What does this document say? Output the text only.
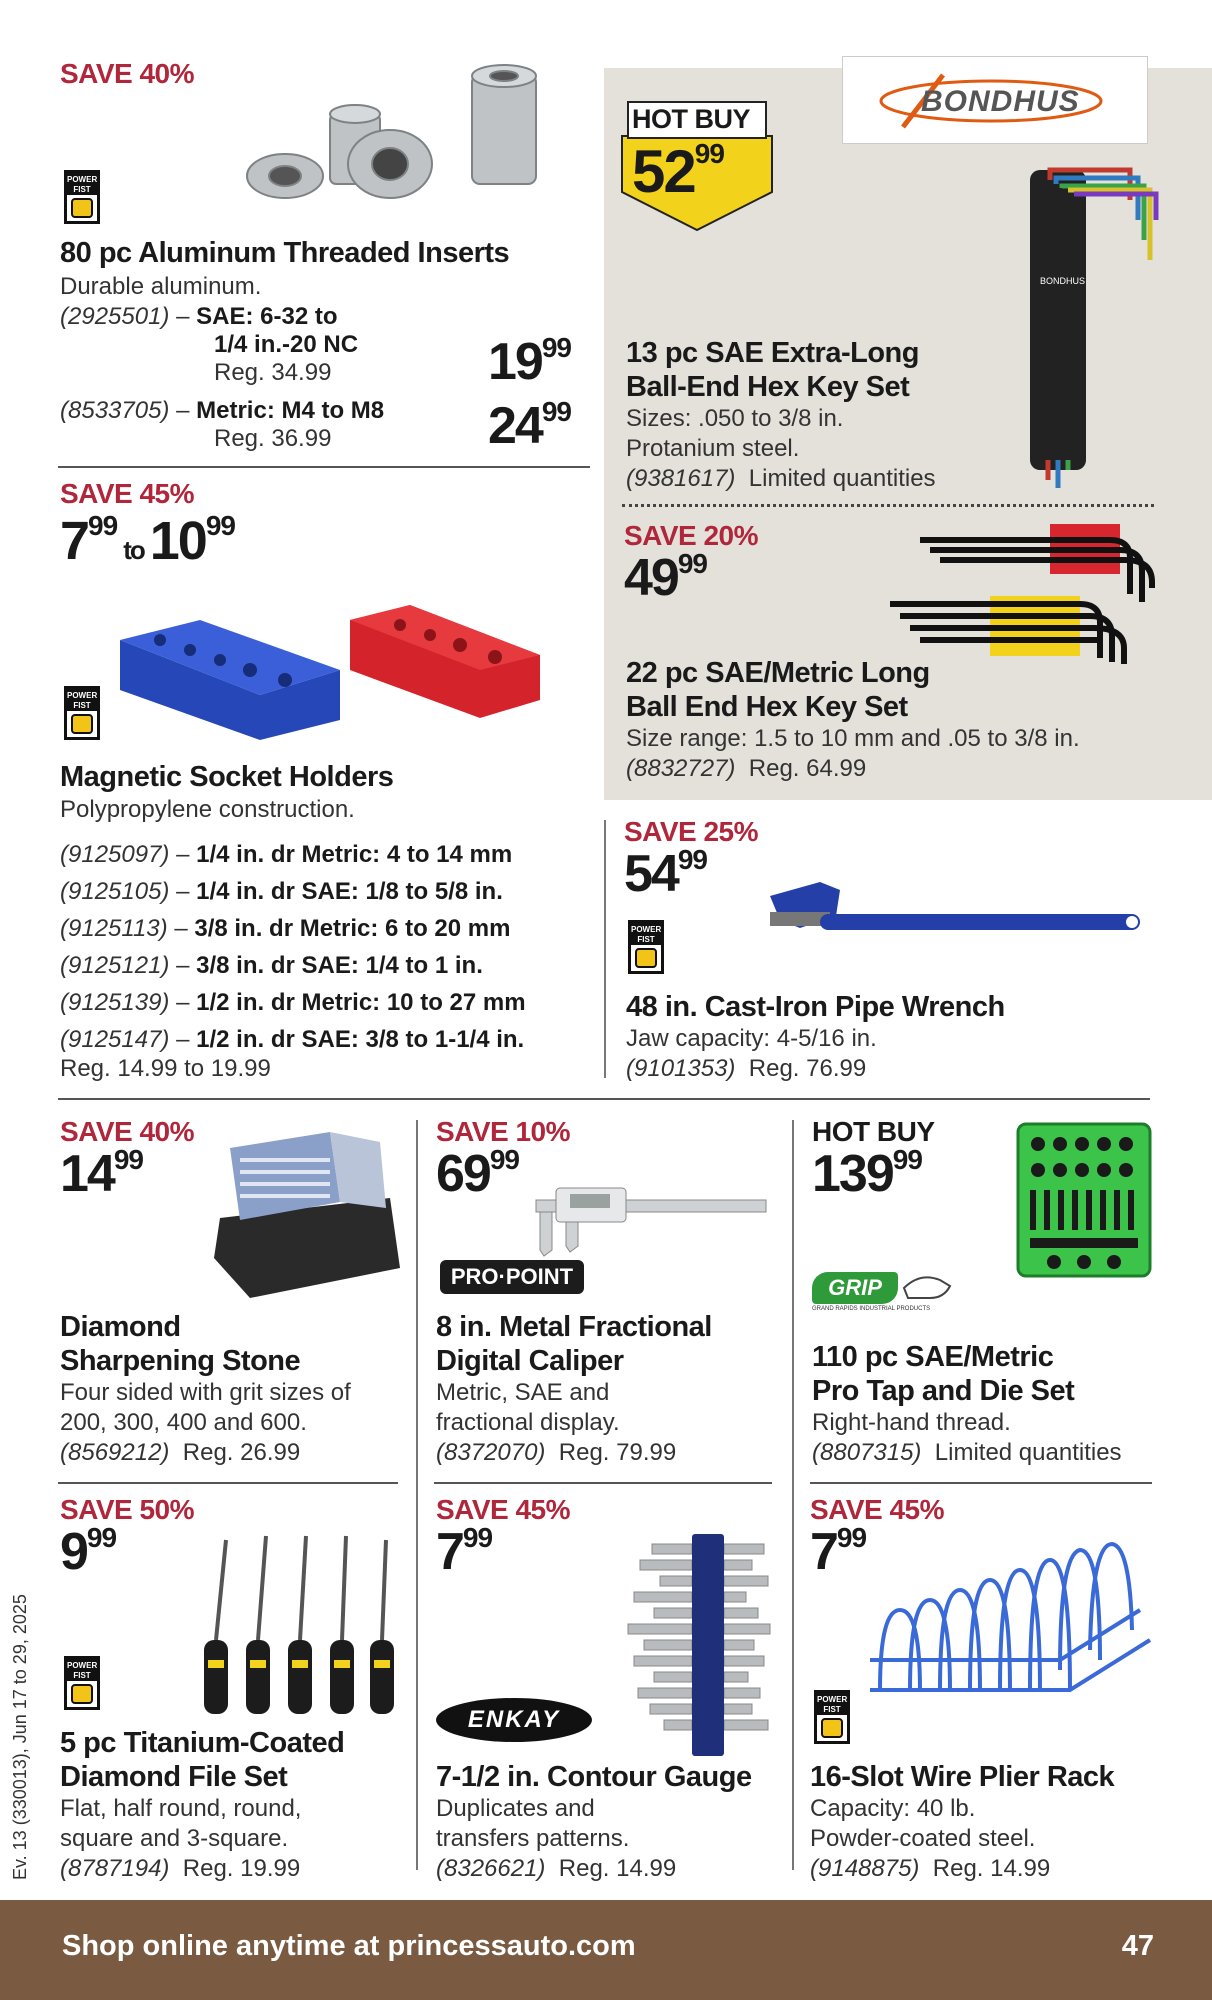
SAVE 40%
POWER FIST
80 pc Aluminum Threaded Inserts
Durable aluminum.
(2925501) – SAE: 6-32 to
1/4 in.-20 NC
Reg. 34.99	$19^{99}$
(8533705) – Metric: M4 to M8
Reg. 36.99	$24^{99}$
HOT BUY
$52^{99}$
BONDHUS
BONDHUS
13 pc SAE Extra-Long
Ball-End Hex Key Set
Sizes: .050 to 3/8 in.
Protanium steel.
(9381617) Limited quantities
SAVE 45%
$7^{99}to$ $10^{99}$
POWER FIST
Magnetic Socket Holders
Polypropylene construction.
(9125097) – 1/4 in. dr Metric: 4 to 14 mm
(9125105) – 1/4 in. dr SAE: 1/8 to 5/8 in.
(9125113) – 3/8 in. dr Metric: 6 to 20 mm
(9125121) – 3/8 in. dr SAE: 1/4 to 1 in.
(9125139) – 1/2 in. dr Metric: 10 to 27 mm
(9125147) – 1/2 in. dr SAE: 3/8 to 1-1/4 in.
Reg. 14.99 to 19.99
SAVE 20%
$49^{99}$
22 pc SAE/Metric Long
Ball End Hex Key Set
Size range: 1.5 to 10 mm and .05 to 3/8 in.
(8832727) Reg. 64.99
SAVE 25%
$54^{99}$
POWER FIST
48 in. Cast-Iron Pipe Wrench
Jaw capacity: 4-5/16 in.
(9101353) Reg. 76.99
SAVE 40%
$14^{99}$
Diamond
Sharpening Stone
Four sided with grit sizes of
200, 300, 400 and 600.
(8569212) Reg. 26.99
SAVE 10%
$69^{99}$
PRO·POINT
8 in. Metal Fractional
Digital Caliper
Metric, SAE and
fractional display.
(8372070) Reg. 79.99
HOT BUY
$139^{99}$
GRIP
GRAND RAPIDS INDUSTRIAL PRODUCTS
110 pc SAE/Metric
Pro Tap and Die Set
Right-hand thread.
(8807315) Limited quantities
SAVE 50%
$9^{99}$
POWER FIST
5 pc Titanium-Coated
Diamond File Set
Flat, half round, round,
square and 3-square.
(8787194) Reg. 19.99
SAVE 45%
$7^{99}$
ENKAY
7-1/2 in. Contour Gauge
Duplicates and
transfers patterns.
(8326621) Reg. 14.99
SAVE 45%
$7^{99}$
POWER FIST
16-Slot Wire Plier Rack
Capacity: 40 lb.
Powder-coated steel.
(9148875) Reg. 14.99
Ev. 13 (330013), Jun 17 to 29, 2025
Shop online anytime at princessauto.com	47
